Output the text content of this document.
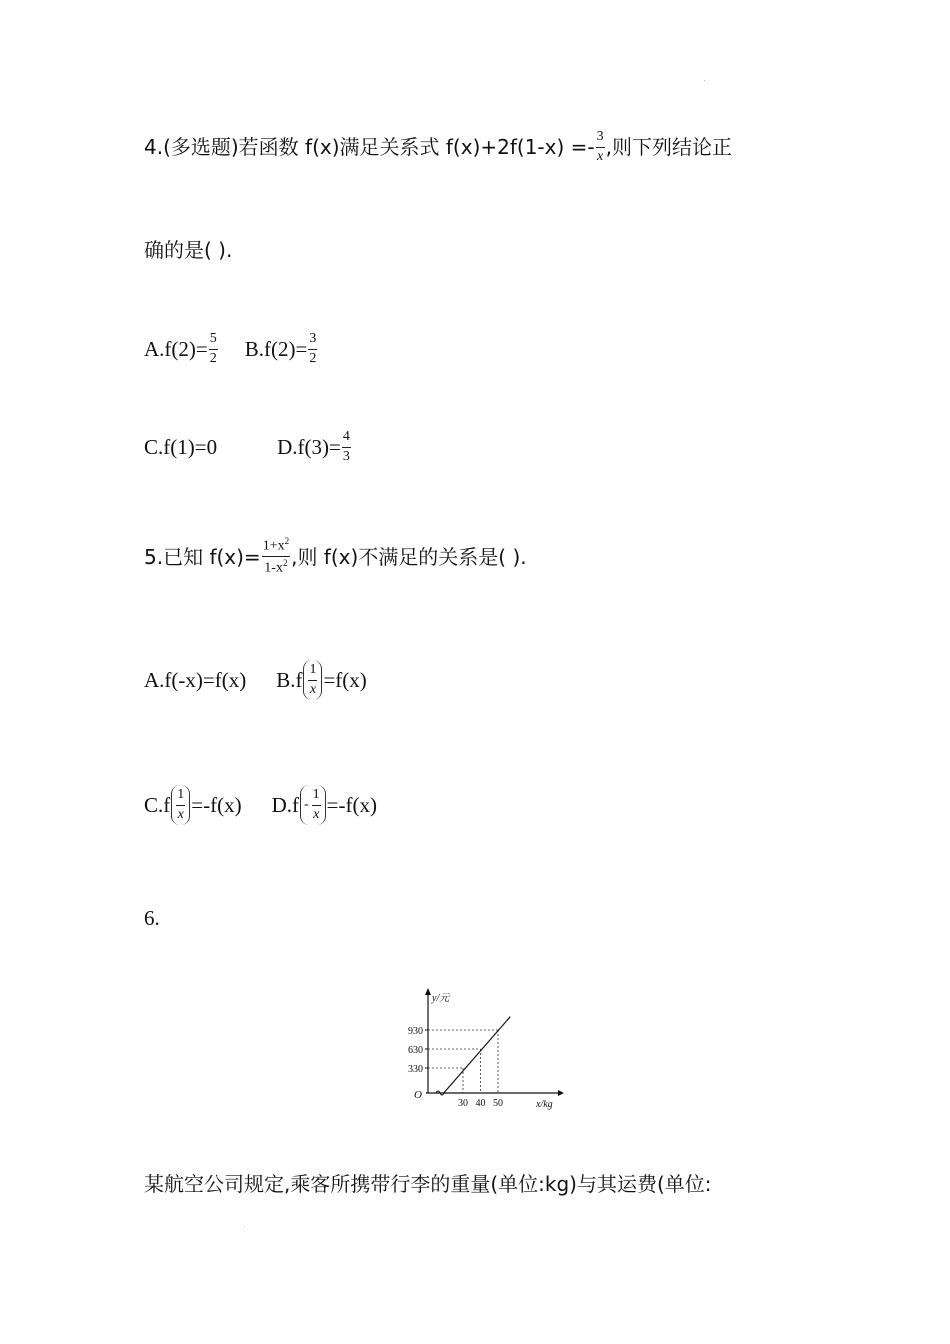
4.(多选题)若函数 f(x)满足关系式 $f(x)+2f(1-x) =- \frac{3}{x}$ ,则下列结论正
确的是( ).
$A.f(2)= \frac{5}{2} B.f(2)= \frac{3}{2}$
C.f(1)=0	$D.f(3)= \frac{4}{3}$
5.已知 $f(x)= \frac{1+x^2}{1-x^2}$ ,则 f(x)不满足的关系是( ).
A.f(-x)=f(x) $B.f \frac{1}{x} =f(x)$
$C.f \frac{1}{x} =-f(x)$ $D.f - \frac{1}{x} =-f(x)$
6.
y/元
x/kg
O
330
30
630
40
930
50
某航空公司规定,乘客所携带行李的重量(单位:kg)与其运费(单位:
